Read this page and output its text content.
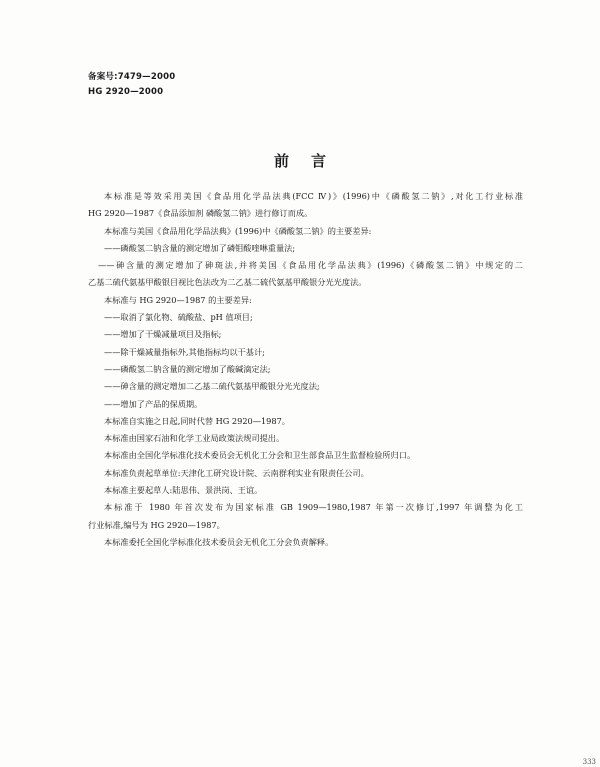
备案号:7479—2000
HG 2920—2000
前言
本标准是等效采用美国《食品用化学品法典(FCC Ⅳ)》(1996)中《磷酸氢二钠》,对化工行业标准
HG 2920—1987《食品添加剂 磷酸氢二钠》进行修订而成。
本标准与美国《食品用化学品法典》(1996)中《磷酸氢二钠》的主要差异:
——磷酸氢二钠含量的测定增加了磷钼酸喹啉重量法;
——砷含量的测定增加了砷斑法,并将美国《食品用化学品法典》(1996)《磷酸氢二钠》中规定的二
乙基二硫代氨基甲酸银目视比色法改为二乙基二硫代氨基甲酸银分光光度法。
本标准与 HG 2920—1987 的主要差异:
——取消了氯化物、硫酸盐、pH 值项目;
——增加了干燥减量项目及指标;
——除干燥减量指标外,其他指标均以干基计;
——磷酸氢二钠含量的测定增加了酸碱滴定法;
——砷含量的测定增加二乙基二硫代氨基甲酸银分光光度法;
——增加了产品的保质期。
本标准自实施之日起,同时代替 HG 2920—1987。
本标准由国家石油和化学工业局政策法规司提出。
本标准由全国化学标准化技术委员会无机化工分会和卫生部食品卫生监督检验所归口。
本标准负责起草单位:天津化工研究设计院、云南群利实业有限责任公司。
本标准主要起草人:陆思伟、景洪岗、王谊。
本标准于 1980 年首次发布为国家标准 GB 1909—1980,1987 年第一次修订,1997 年调整为化工
行业标准,编号为 HG 2920—1987。
本标准委托全国化学标准化技术委员会无机化工分会负责解释。
333
